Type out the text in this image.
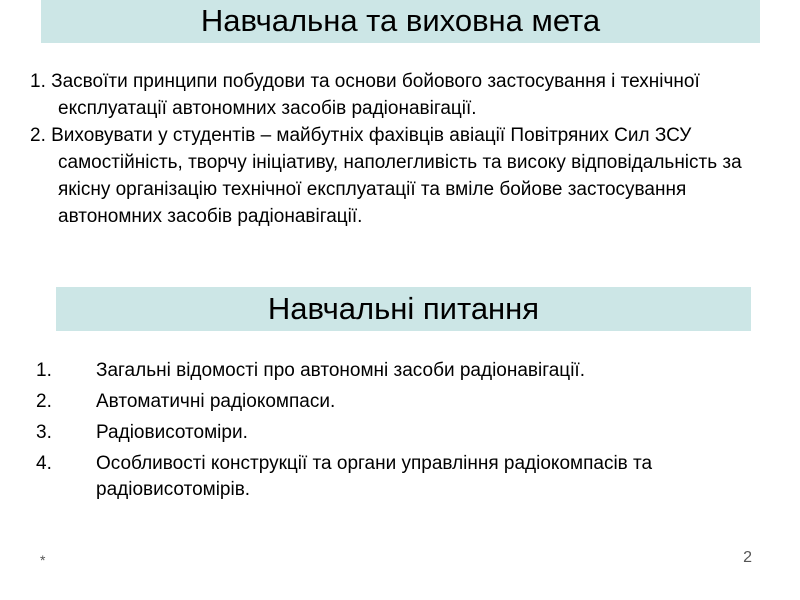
Навчальна та виховна мета
1. Засвоїти принципи побудови та основи бойового застосування і технічної експлуатації автономних засобів радіонавігації.
2. Виховувати у студентів – майбутніх фахівців авіації Повітряних Сил ЗСУ самостійність, творчу ініціативу, наполегливість та високу відповідальність за якісну організацію технічної експлуатації та вміле бойове застосування автономних засобів радіонавігації.
Навчальні питання
1.	Загальні відомості про автономні засоби радіонавігації.
2.	Автоматичні радіокомпаси.
3.	Радіовисотоміри.
4.	Особливості конструкції та органи управління радіокомпасів та радіовисотомірів.
*	2
